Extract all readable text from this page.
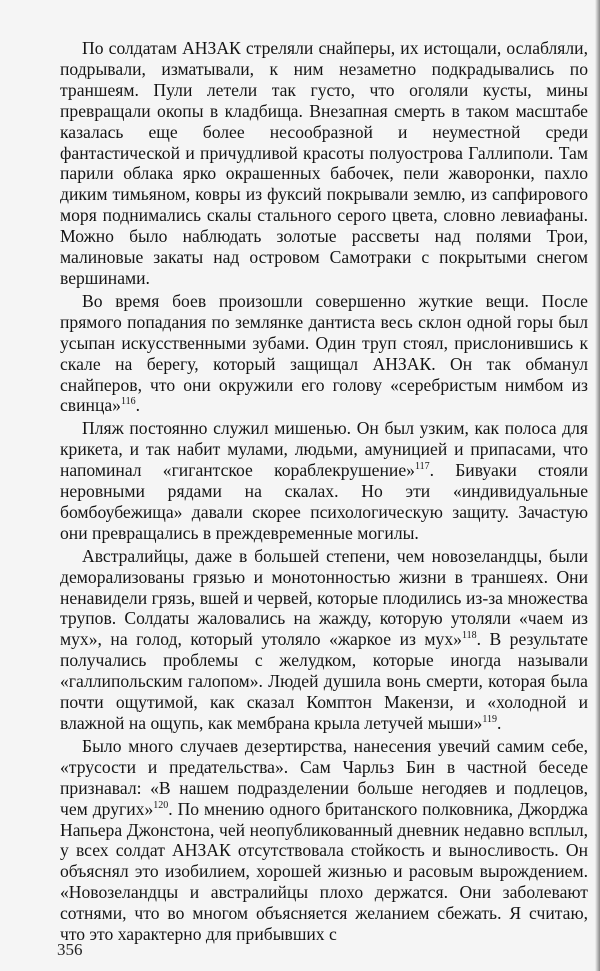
По солдатам АНЗАК стреляли снайперы, их истощали, ослабляли, подрывали, изматывали, к ним незаметно подкрадывались по траншеям. Пули летели так густо, что оголяли кусты, мины превращали окопы в кладбища. Внезапная смерть в таком масштабе казалась еще более несообразной и неуместной среди фантастической и причудливой красоты полуострова Галлиполи. Там парили облака ярко окрашенных бабочек, пели жаворонки, пахло диким тимьяном, ковры из фуксий покрывали землю, из сапфирового моря поднимались скалы стального серого цвета, словно левиафаны. Можно было наблюдать золотые рассветы над полями Трои, малиновые закаты над островом Самотраки с покрытыми снегом вершинами.

Во время боев произошли совершенно жуткие вещи. После прямого попадания по землянке дантиста весь склон одной горы был усыпан искусственными зубами. Один труп стоял, прислонившись к скале на берегу, который защищал АНЗАК. Он так обманул снайперов, что они окружили его голову «серебристым нимбом из свинца»$^{116}$.

Пляж постоянно служил мишенью. Он был узким, как полоса для крикета, и так набит мулами, людьми, амуницией и припасами, что напоминал «гигантское кораблекрушение»$^{117}$. Бивуаки стояли неровными рядами на скалах. Но эти «индивидуальные бомбоубежища» давали скорее психологическую защиту. Зачастую они превращались в преждевременные могилы.

Австралийцы, даже в большей степени, чем новозеландцы, были деморализованы грязью и монотонностью жизни в траншеях. Они ненавидели грязь, вшей и червей, которые плодились из-за множества трупов. Солдаты жаловались на жажду, которую утоляли «чаем из мух», на голод, который утоляло «жаркое из мух»$^{118}$. В результате получались проблемы с желудком, которые иногда называли «галлипольским галопом». Людей душила вонь смерти, которая была почти ощутимой, как сказал Комптон Макензи, и «холодной и влажной на ощупь, как мембрана крыла летучей мыши»$^{119}$.

Было много случаев дезертирства, нанесения увечий самим себе, «трусости и предательства». Сам Чарльз Бин в частной беседе признавал: «В нашем подразделении больше негодяев и подлецов, чем других»$^{120}$. По мнению одного британского полковника, Джорджа Напьера Джонстона, чей неопубликованный дневник недавно всплыл, у всех солдат АНЗАК отсутствовала стойкость и выносливость. Он объяснял это изобилием, хорошей жизнью и расовым вырождением. «Новозеландцы и австралийцы плохо держатся. Они заболевают сотнями, что во многом объясняется желанием сбежать. Я считаю, что это характерно для прибывших с

356
